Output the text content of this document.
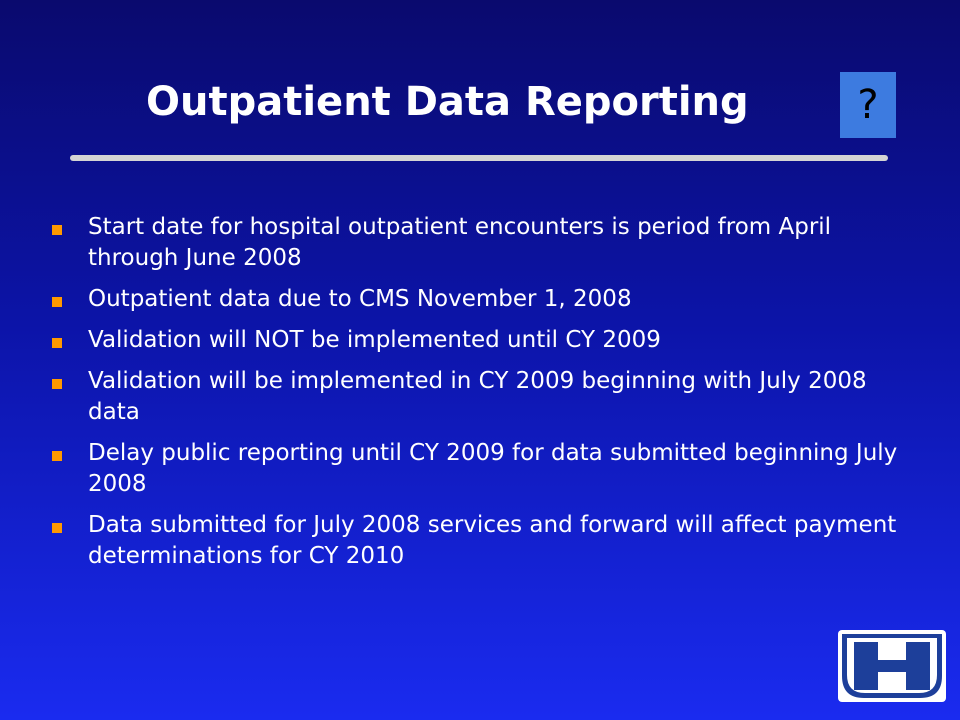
Outpatient Data Reporting	?
Start date for hospital outpatient encounters is period from April through June 2008
Outpatient data due to CMS November 1, 2008
Validation will NOT be implemented until CY 2009
Validation will be implemented in CY 2009 beginning with July 2008 data
Delay public reporting until CY 2009 for data submitted beginning July 2008
Data submitted for July 2008 services and forward will affect payment determinations for CY 2010
